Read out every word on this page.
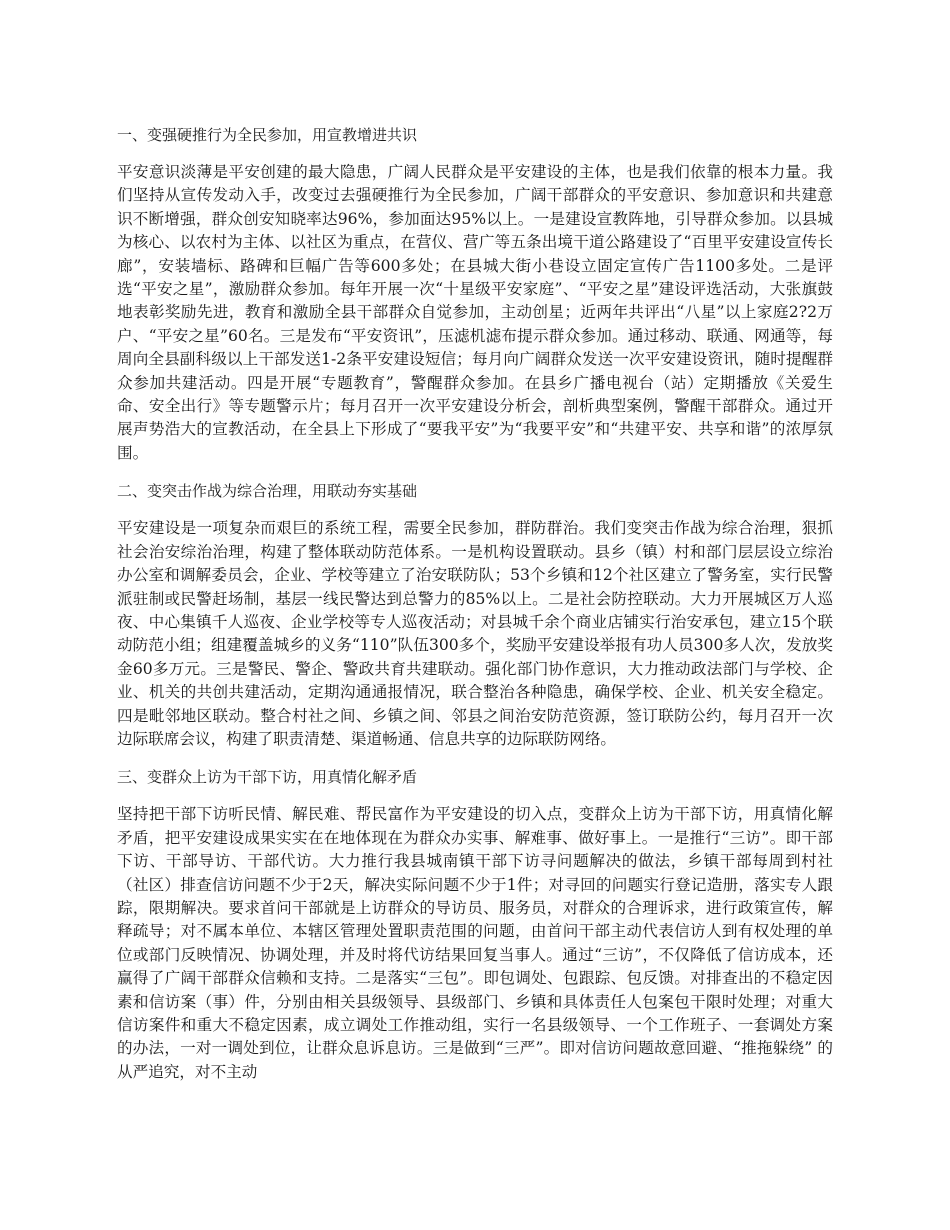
一、变强硬推行为全民参加，用宣教增进共识
平安意识淡薄是平安创建的最大隐患，广阔人民群众是平安建设的主体，也是我们依靠的根本力量。我们坚持从宣传发动入手，改变过去强硬推行为全民参加，广阔干部群众的平安意识、参加意识和共建意识不断增强，群众创安知晓率达96%，参加面达95%以上。一是建设宣教阵地，引导群众参加。以县城为核心、以农村为主体、以社区为重点，在营仪、营广等五条出境干道公路建设了“百里平安建设宣传长廊”，安装墙标、路碑和巨幅广告等600多处；在县城大街小巷设立固定宣传广告1100多处。二是评选“平安之星”，激励群众参加。每年开展一次“十星级平安家庭”、“平安之星”建设评选活动，大张旗鼓地表彰奖励先进，教育和激励全县干部群众自觉参加，主动创星；近两年共评出“八星”以上家庭2?2万户、“平安之星”60名。三是发布“平安资讯”，压滤机滤布提示群众参加。通过移动、联通、网通等，每周向全县副科级以上干部发送1-2条平安建设短信；每月向广阔群众发送一次平安建设资讯，随时提醒群众参加共建活动。四是开展“专题教育”，警醒群众参加。在县乡广播电视台（站）定期播放《关爱生命、安全出行》等专题警示片；每月召开一次平安建设分析会，剖析典型案例，警醒干部群众。通过开展声势浩大的宣教活动，在全县上下形成了“要我平安”为“我要平安”和“共建平安、共享和谐”的浓厚氛围。
二、变突击作战为综合治理，用联动夯实基础
平安建设是一项复杂而艰巨的系统工程，需要全民参加，群防群治。我们变突击作战为综合治理，狠抓社会治安综治治理，构建了整体联动防范体系。一是机构设置联动。县乡（镇）村和部门层层设立综治办公室和调解委员会，企业、学校等建立了治安联防队；53个乡镇和12个社区建立了警务室，实行民警派驻制或民警赶场制，基层一线民警达到总警力的85%以上。二是社会防控联动。大力开展城区万人巡夜、中心集镇千人巡夜、企业学校等专人巡夜活动；对县城千余个商业店铺实行治安承包，建立15个联动防范小组；组建覆盖城乡的义务“110”队伍300多个，奖励平安建设举报有功人员300多人次，发放奖金60多万元。三是警民、警企、警政共育共建联动。强化部门协作意识，大力推动政法部门与学校、企业、机关的共创共建活动，定期沟通通报情况，联合整治各种隐患，确保学校、企业、机关安全稳定。四是毗邻地区联动。整合村社之间、乡镇之间、邻县之间治安防范资源，签订联防公约，每月召开一次边际联席会议，构建了职责清楚、渠道畅通、信息共享的边际联防网络。
三、变群众上访为干部下访，用真情化解矛盾
坚持把干部下访听民情、解民难、帮民富作为平安建设的切入点，变群众上访为干部下访，用真情化解矛盾，把平安建设成果实实在在地体现在为群众办实事、解难事、做好事上。一是推行“三访”。即干部下访、干部导访、干部代访。大力推行我县城南镇干部下访寻问题解决的做法，乡镇干部每周到村社（社区）排查信访问题不少于2天，解决实际问题不少于1件；对寻回的问题实行登记造册，落实专人跟踪，限期解决。要求首问干部就是上访群众的导访员、服务员，对群众的合理诉求，进行政策宣传，解释疏导；对不属本单位、本辖区管理处置职责范围的问题，由首问干部主动代表信访人到有权处理的单位或部门反映情况、协调处理，并及时将代访结果回复当事人。通过“三访”，不仅降低了信访成本，还赢得了广阔干部群众信赖和支持。二是落实“三包”。即包调处、包跟踪、包反馈。对排查出的不稳定因素和信访案（事）件，分别由相关县级领导、县级部门、乡镇和具体责任人包案包干限时处理；对重大信访案件和重大不稳定因素，成立调处工作推动组，实行一名县级领导、一个工作班子、一套调处方案的办法，一对一调处到位，让群众息诉息访。三是做到“三严”。即对信访问题故意回避、“推拖躲绕” 的从严追究，对不主动
